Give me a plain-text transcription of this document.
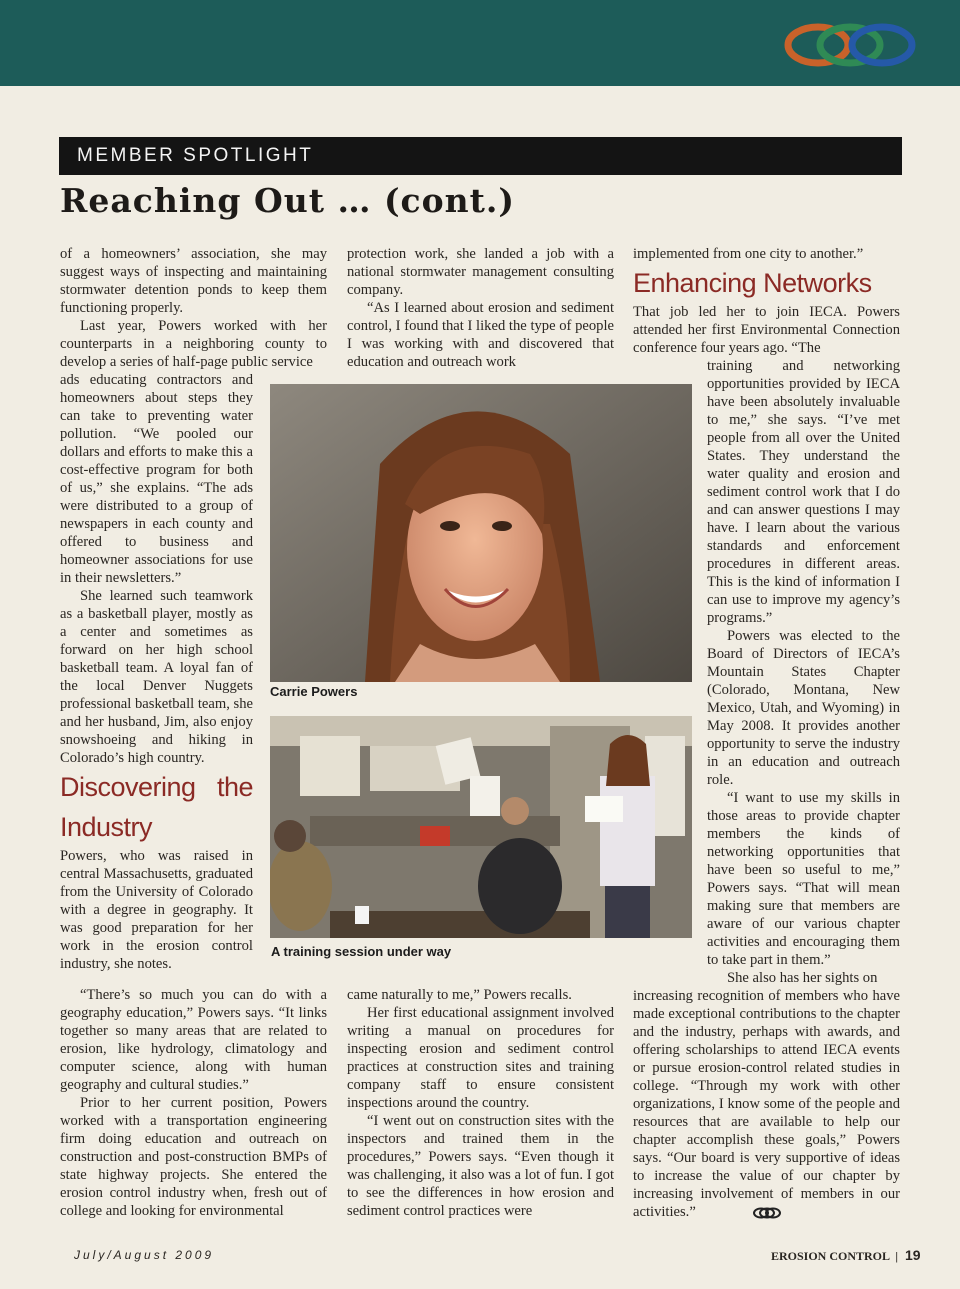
MEMBER SPOTLIGHT
Reaching Out … (cont.)

of a homeowners’ association, she may suggest ways of inspecting and maintaining stormwater detention ponds to keep them functioning properly.

Last year, Powers worked with her counterparts in a neighboring county to develop a series of half-page public service

ads educating contractors and homeowners about steps they can take to preventing water pollution. “We pooled our dollars and efforts to make this a cost-effective program for both of us,” she explains. “The ads were distributed to a group of newspapers in each county and offered to business and homeowner associations for use in their newsletters.”

She learned such teamwork as a basketball player, mostly as a center and sometimes as forward on her high school basketball team. A loyal fan of the local Denver Nuggets professional basketball team, she and her husband, Jim, also enjoy snowshoeing and hiking in Colorado’s high country.

Discovering the Industry

Powers, who was raised in central Massachusetts, graduated from the University of Colorado with a degree in geography. It was good preparation for her work in the erosion control industry, she notes.

“There’s so much you can do with a geography education,” Powers says. “It links together so many areas that are related to erosion, like hydrology, climatology and computer science, along with human geography and cultural studies.”

Prior to her current position, Powers worked with a transportation engineering firm doing education and outreach on construction and post-construction BMPs of state highway projects. She entered the erosion control industry when, fresh out of college and looking for environmental

protection work, she landed a job with a national stormwater management consulting company.

“As I learned about erosion and sediment control, I found that I liked the type of people I was working with and discovered that education and outreach work

came naturally to me,” Powers recalls.

Her first educational assignment involved writing a manual on procedures for inspecting erosion and sediment control practices at construction sites and training company staff to ensure consistent inspections around the country.

“I went out on construction sites with the inspectors and trained them in the procedures,” Powers says. “Even though it was challenging, it also was a lot of fun. I got to see the differences in how erosion and sediment control practices were

implemented from one city to another.”

Enhancing Networks

That job led her to join IECA. Powers attended her first Environmental Connection conference four years ago. “The

training and networking opportunities provided by IECA have been absolutely invaluable to me,” she says. “I’ve met people from all over the United States. They understand the water quality and erosion and sediment control work that I do and can answer questions I may have. I learn about the various standards and enforcement procedures in different areas. This is the kind of information I can use to improve my agency’s programs.”

Powers was elected to the Board of Directors of IECA’s Mountain States Chapter (Colorado, Montana, New Mexico, Utah, and Wyoming) in May 2008. It provides another opportunity to serve the industry in an education and outreach role.

“I want to use my skills in those areas to provide chapter members the kinds of networking opportunities that have been so useful to me,” Powers says. “That will mean making sure that members are aware of our various chapter activities and encouraging them to take part in them.”

She also has her sights on

increasing recognition of members who have made exceptional contributions to the chapter and the industry, perhaps with awards, and offering scholarships to attend IECA events or pursue erosion-control related studies in college. “Through my work with other organizations, I know some of the people and resources that are available to help our chapter accomplish these goals,” Powers says. “Our board is very supportive of ideas to increase the value of our chapter by increasing involvement of members in our activities.”

Carrie Powers
A training session under way
July/August 2009	EROSION CONTROL | 19
